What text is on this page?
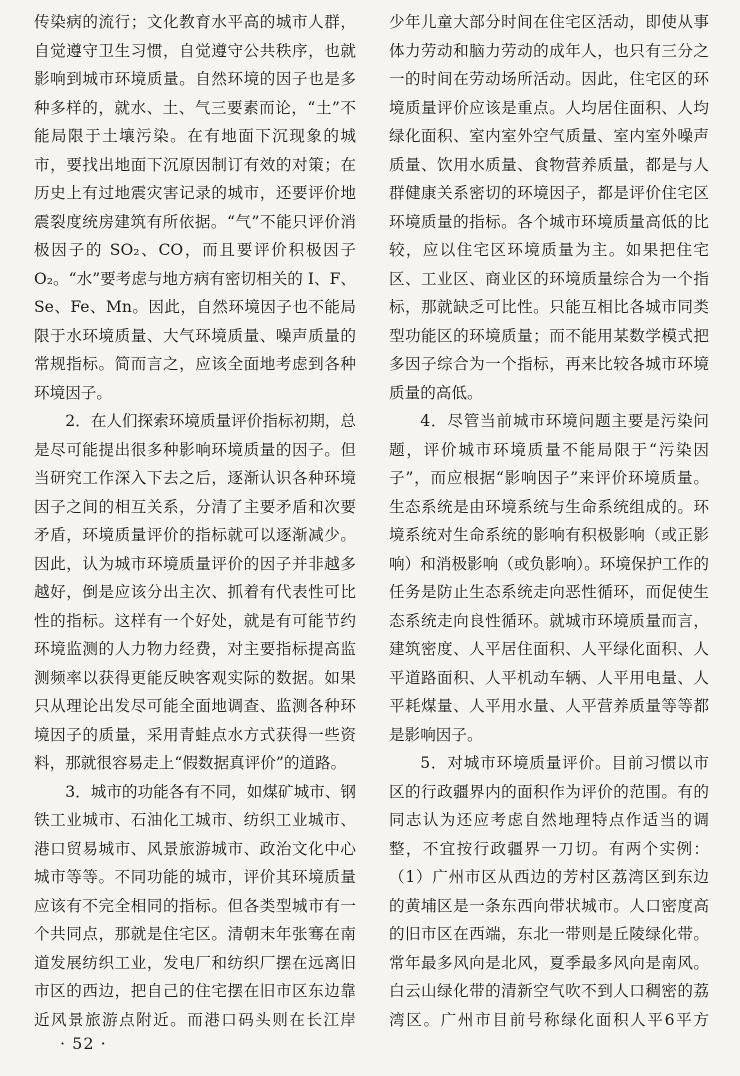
传染病的流行；文化教育水平高的城市人群，自觉遵守卫生习惯，自觉遵守公共秩序，也就影响到城市环境质量。自然环境的因子也是多种多样的，就水、土、气三要素而论，“土”不能局限于土壤污染。在有地面下沉现象的城市，要找出地面下沉原因制订有效的对策；在历史上有过地震灾害记录的城市，还要评价地震裂度统房建筑有所依据。“气”不能只评价消极因子的 SO₂、CO，而且要评价积极因子O₂。“水”要考虑与地方病有密切相关的 I、F、Se、Fe、Mn。因此，自然环境因子也不能局限于水环境质量、大气环境质量、噪声质量的常规指标。简而言之，应该全面地考虑到各种环境因子。

2．在人们探索环境质量评价指标初期，总是尽可能提出很多种影响环境质量的因子。但当研究工作深入下去之后，逐渐认识各种环境因子之间的相互关系，分清了主要矛盾和次要矛盾，环境质量评价的指标就可以逐渐减少。因此，认为城市环境质量评价的因子并非越多越好，倒是应该分出主次、抓着有代表性可比性的指标。这样有一个好处，就是有可能节约环境监测的人力物力经费，对主要指标提高监测频率以获得更能反映客观实际的数据。如果只从理论出发尽可能全面地调查、监测各种环境因子的质量，采用青蛙点水方式获得一些资料，那就很容易走上“假数据真评价”的道路。

3．城市的功能各有不同，如煤矿城市、钢铁工业城市、石油化工城市、纺织工业城市、港口贸易城市、风景旅游城市、政治文化中心城市等等。不同功能的城市，评价其环境质量应该有不完全相同的指标。但各类型城市有一个共同点，那就是住宅区。清朝末年张骞在南道发展纺织工业，发电厂和纺织厂摆在远离旧市区的西边，把自己的住宅摆在旧市区东边靠近风景旅游点附近。而港口码头则在长江岸

少年儿童大部分时间在住宅区活动，即使从事体力劳动和脑力劳动的成年人，也只有三分之一的时间在劳动场所活动。因此，住宅区的环境质量评价应该是重点。人均居住面积、人均绿化面积、室内室外空气质量、室内室外噪声质量、饮用水质量、食物营养质量，都是与人群健康关系密切的环境因子，都是评价住宅区环境质量的指标。各个城市环境质量高低的比较，应以住宅区环境质量为主。如果把住宅区、工业区、商业区的环境质量综合为一个指标，那就缺乏可比性。只能互相比各城市同类型功能区的环境质量；而不能用某数学模式把多因子综合为一个指标，再来比较各城市环境质量的高低。

4．尽管当前城市环境问题主要是污染问题，评价城市环境质量不能局限于“污染因子”，而应根据“影响因子”来评价环境质量。生态系统是由环境系统与生命系统组成的。环境系统对生命系统的影响有积极影响（或正影响）和消极影响（或负影响）。环境保护工作的任务是防止生态系统走向恶性循环，而促使生态系统走向良性循环。就城市环境质量而言，建筑密度、人平居住面积、人平绿化面积、人平道路面积、人平机动车辆、人平用电量、人平耗煤量、人平用水量、人平营养质量等等都是影响因子。

5．对城市环境质量评价。目前习惯以市区的行政疆界内的面积作为评价的范围。有的同志认为还应考虑自然地理特点作适当的调整，不宜按行政疆界一刀切。有两个实例：（1）广州市区从西边的芳村区荔湾区到东边的黄埔区是一条东西向带状城市。人口密度高的旧市区在西端，东北一带则是丘陵绿化带。常年最多风向是北风，夏季最多风向是南风。白云山绿化带的清新空气吹不到人口稠密的荔湾区。广州市目前号称绿化面积人平6平方

· 52 ·
